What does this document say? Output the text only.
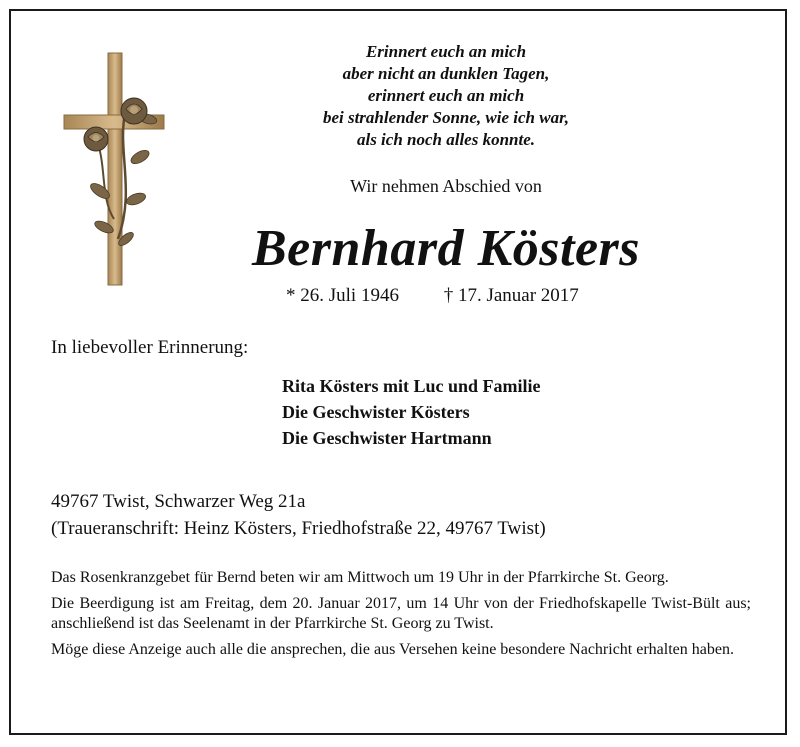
Erinnert euch an mich
aber nicht an dunklen Tagen,
erinnert euch an mich
bei strahlender Sonne, wie ich war,
als ich noch alles konnte.
Wir nehmen Abschied von
Bernhard Kösters
* 26. Juli 1946 † 17. Januar 2017
In liebevoller Erinnerung:
Rita Kösters mit Luc und Familie
Die Geschwister Kösters
Die Geschwister Hartmann
49767 Twist, Schwarzer Weg 21a
(Traueranschrift: Heinz Kösters, Friedhofstraße 22, 49767 Twist)

Das Rosenkranzgebet für Bernd beten wir am Mittwoch um 19 Uhr in der Pfarrkirche St. Georg.

Die Beerdigung ist am Freitag, dem 20. Januar 2017, um 14 Uhr von der Friedhofskapelle Twist-Bült aus; anschließend ist das Seelenamt in der Pfarrkirche St. Georg zu Twist.

Möge diese Anzeige auch alle die ansprechen, die aus Versehen keine besondere Nachricht erhalten haben.
